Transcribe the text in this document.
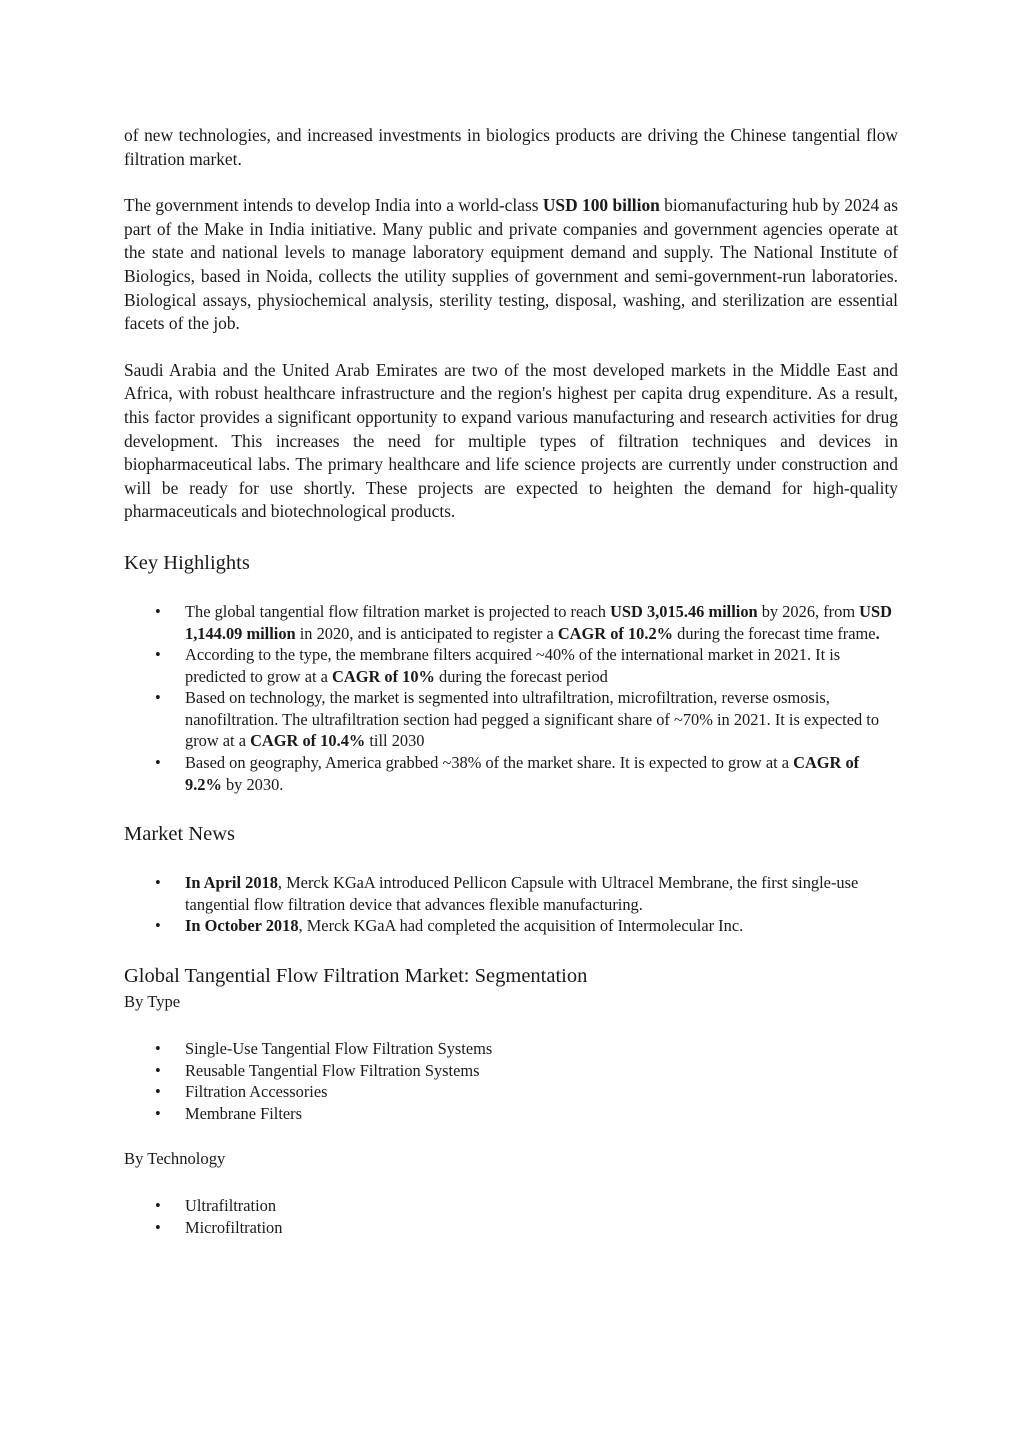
of new technologies, and increased investments in biologics products are driving the Chinese tangential flow filtration market.

The government intends to develop India into a world-class USD 100 billion biomanufacturing hub by 2024 as part of the Make in India initiative. Many public and private companies and government agencies operate at the state and national levels to manage laboratory equipment demand and supply. The National Institute of Biologics, based in Noida, collects the utility supplies of government and semi-government-run laboratories. Biological assays, physiochemical analysis, sterility testing, disposal, washing, and sterilization are essential facets of the job.

Saudi Arabia and the United Arab Emirates are two of the most developed markets in the Middle East and Africa, with robust healthcare infrastructure and the region's highest per capita drug expenditure. As a result, this factor provides a significant opportunity to expand various manufacturing and research activities for drug development. This increases the need for multiple types of filtration techniques and devices in biopharmaceutical labs. The primary healthcare and life science projects are currently under construction and will be ready for use shortly. These projects are expected to heighten the demand for high-quality pharmaceuticals and biotechnological products.

Key Highlights
• The global tangential flow filtration market is projected to reach USD 3,015.46 million by 2026, from USD 1,144.09 million in 2020, and is anticipated to register a CAGR of 10.2% during the forecast time frame.
• According to the type, the membrane filters acquired ~40% of the international market in 2021. It is predicted to grow at a CAGR of 10% during the forecast period
• Based on technology, the market is segmented into ultrafiltration, microfiltration, reverse osmosis, nanofiltration. The ultrafiltration section had pegged a significant share of ~70% in 2021. It is expected to grow at a CAGR of 10.4% till 2030
• Based on geography, America grabbed ~38% of the market share. It is expected to grow at a CAGR of 9.2% by 2030.
Market News
• In April 2018, Merck KGaA introduced Pellicon Capsule with Ultracel Membrane, the first single-use tangential flow filtration device that advances flexible manufacturing.
• In October 2018, Merck KGaA had completed the acquisition of Intermolecular Inc.
Global Tangential Flow Filtration Market: Segmentation

By Type

• Single-Use Tangential Flow Filtration Systems
• Reusable Tangential Flow Filtration Systems
• Filtration Accessories
• Membrane Filters

By Technology

• Ultrafiltration
• Microfiltration
